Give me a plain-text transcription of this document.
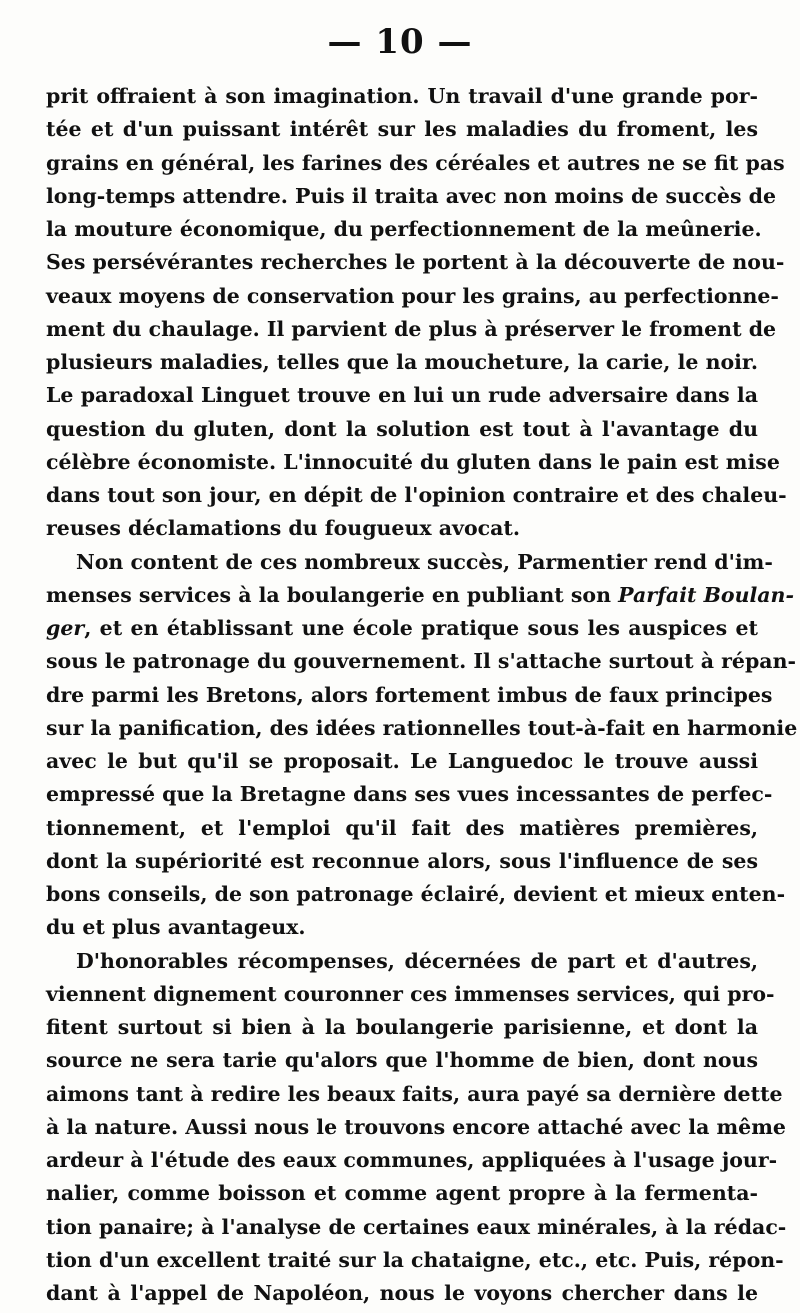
— 10 —
prit offraient à son imagination. Un travail d'une grande por-
tée et d'un puissant intérêt sur les maladies du froment, les
grains en général, les farines des céréales et autres ne se fit pas
long-temps attendre. Puis il traita avec non moins de succès de
la mouture économique, du perfectionnement de la meûnerie.
Ses persévérantes recherches le portent à la découverte de nou-
veaux moyens de conservation pour les grains, au perfectionne-
ment du chaulage. Il parvient de plus à préserver le froment de
plusieurs maladies, telles que la moucheture, la carie, le noir.
Le paradoxal Linguet trouve en lui un rude adversaire dans la
question du gluten, dont la solution est tout à l'avantage du
célèbre économiste. L'innocuité du gluten dans le pain est mise
dans tout son jour, en dépit de l'opinion contraire et des chaleu-
reuses déclamations du fougueux avocat.
Non content de ces nombreux succès, Parmentier rend d'im-
menses services à la boulangerie en publiant son Parfait Boulan-
ger, et en établissant une école pratique sous les auspices et
sous le patronage du gouvernement. Il s'attache surtout à répan-
dre parmi les Bretons, alors fortement imbus de faux principes
sur la panification, des idées rationnelles tout-à-fait en harmonie
avec le but qu'il se proposait. Le Languedoc le trouve aussi
empressé que la Bretagne dans ses vues incessantes de perfec-
tionnement, et l'emploi qu'il fait des matières premières,
dont la supériorité est reconnue alors, sous l'influence de ses
bons conseils, de son patronage éclairé, devient et mieux enten-
du et plus avantageux.
D'honorables récompenses, décernées de part et d'autres,
viennent dignement couronner ces immenses services, qui pro-
fitent surtout si bien à la boulangerie parisienne, et dont la
source ne sera tarie qu'alors que l'homme de bien, dont nous
aimons tant à redire les beaux faits, aura payé sa dernière dette
à la nature. Aussi nous le trouvons encore attaché avec la même
ardeur à l'étude des eaux communes, appliquées à l'usage jour-
nalier, comme boisson et comme agent propre à la fermenta-
tion panaire; à l'analyse de certaines eaux minérales, à la rédac-
tion d'un excellent traité sur la chataigne, etc., etc. Puis, répon-
dant à l'appel de Napoléon, nous le voyons chercher dans le
